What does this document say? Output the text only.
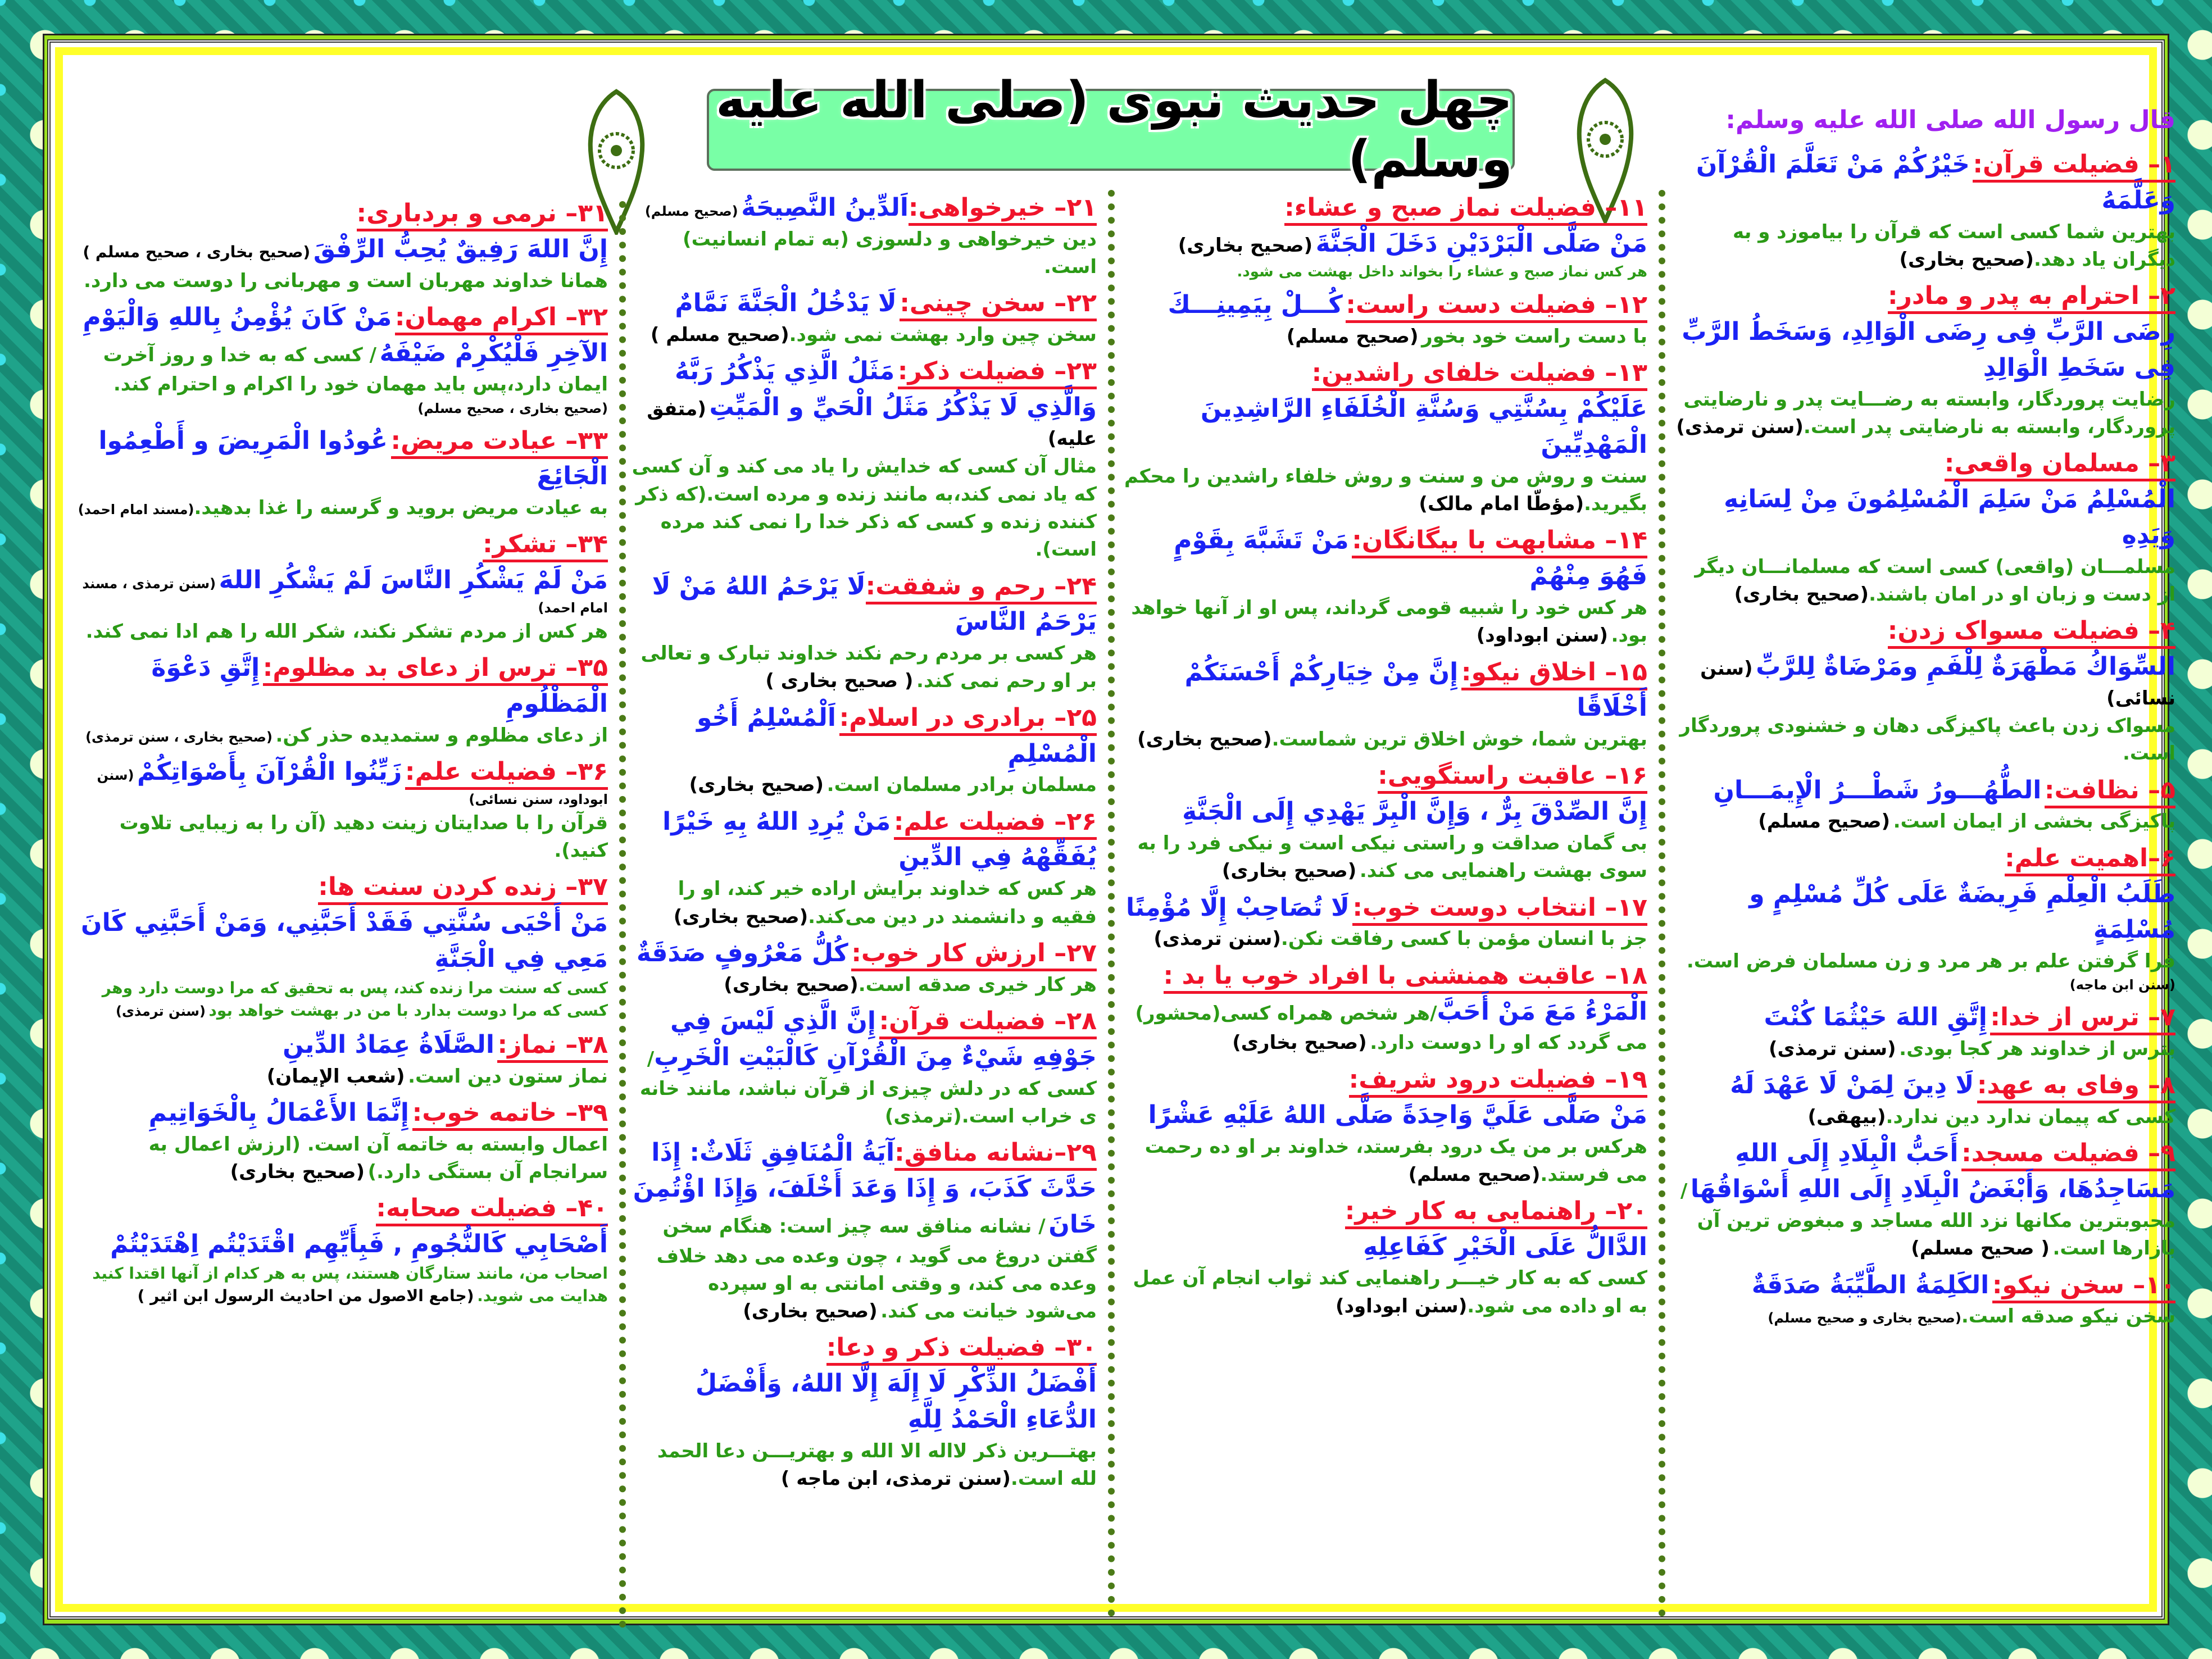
چهل حدیث نبوی (صلی الله علیه وسلم)
قال رسول الله صلی الله علیه وسلم:

۱– فضیلت قرآن: خَیْرُکُمْ مَنْ تَعَلَّمَ الْقُرْآنَ وَعَلَّمَهُ

بهترین شما کسی است که قرآن را بیاموزد و به دیگران یاد دهد.(صحیح بخاری)

۲– احترام به پدر و مادر:

رِضَی الرَّبِّ فِی رِضَی الْوَالِدِ، وَسَخَطُ الرَّبِّ فِی سَخَطِ الْوَالِدِ

رضایت پروردگار، وابسته به رضـــایت پدر و نارضایتی پروردگار، وابسته به نارضایتی پدر است.(سنن ترمذی)

۳– مسلمان واقعی:

الْمُسْلِمُ مَنْ سَلِمَ الْمُسْلِمُونَ مِنْ لِسَانِهِ وَيَدِهِ

مسلمـــان (واقعی) کسی است که مسلمانـــان دیگر از دست و زبان او در امان باشند.(صحیح بخاری)

۴– فضیلت مسواک زدن:

السِّوَاكُ مَطْهَرَةٌ لِلْفَمِ ومَرْضَاةٌ لِلرَّبِّ (سنن نسائی)

مسواک زدن باعث پاکیزگی دهان و خشنودی پروردگار است.

۵– نظافت: الطُّهُـــورُ شَطْـــرُ الْإِيمَـــانِ

پاکیزگی بخشی از ایمان است. (صحیح مسلم)

۶–اهمیت علم:

طَلَبُ الْعِلْمِ فَرِيضَةٌ عَلَى كُلِّ مُسْلِمٍ و مُسْلِمَةٍ

فرا گرفتن علم بر هر مرد و زن مسلمان فرض است.(سنن ابن ماجه)

۷– ترس از خدا: إِتَّقِ اللهَ حَيْثُمَا كُنْتَ

بترس از خداوند هر کجا بودی. (سنن ترمذی)

۸– وفای به عهد: لَا دِينَ لِمَنْ لَا عَهْدَ لَهُ

کسی که پیمان ندارد دین ندارد.(بیهقی)

۹– فضیلت مسجد: أَحَبُّ الْبِلَادِ إِلَى اللهِ مَسَاجِدُهَا، وَأَبْغَضُ الْبِلَادِ إِلَى اللهِ أَسْوَاقُهَا / محبوبترین مکانها نزد الله مساجد و مبغوض ترین آن بازارها است. ( صحیح مسلم)

۱۰– سخن نیکو: الكَلِمَةُ الطَّيِّبَةُ صَدَقَةٌ

سخن نیکو صدقه است.(صحیح بخاری و صحیح مسلم)

۱۱– فضیلت نماز صبح و عشاء:

مَنْ صَلَّى الْبَرْدَيْنِ دَخَلَ الْجَنَّةَ (صحیح بخاری)

هر کس نماز صبح و عشاء را بخواند داخل بهشت می شود.

۱۲– فضیلت دست راست: كُـــلْ بِيَمِينِـــكَ

با دست راست خود بخور (صحیح مسلم)

۱۳– فضیلت خلفای راشدین:

عَلَيْكُمْ بِسُنَّتِي وَسُنَّةِ الْخُلَفَاءِ الرَّاشِدِينَ الْمَهْدِيِّينَ

سنت و روش من و سنت و روش خلفاء راشدین را محکم بگیرید.(مؤطّا امام مالک)

۱۴– مشابهت با بیگانگان: مَنْ تَشَبَّهَ بِقَوْمٍ فَهُوَ مِنْهُمْ

هر کس خود را شبیه قومی گرداند، پس او از آنها خواهد بود. (سنن ابوداود)

۱۵– اخلاق نیکو: إِنَّ مِنْ خِيَارِكُمْ أَحْسَنَكُمْ أَخْلَاقًا

بهترین شما، خوش اخلاق ترین شماست.(صحیح بخاری)

۱۶– عاقبت راستگویی:

إِنَّ الصِّدْقَ بِرٌّ ، وَإِنَّ الْبِرَّ يَهْدِي إِلَى الْجَنَّةِ

بی گمان صداقت و راستی نیکی است و نیکی فرد را به سوی بهشت راهنمایی می کند. (صحیح بخاری)

۱۷– انتخاب دوست خوب: لَا تُصَاحِبْ إِلَّا مُؤْمِنًا

جز با انسان مؤمن با کسی رفاقت نکن.(سنن ترمذی)

۱۸– عاقبت همنشنی با افراد خوب یا بد :

الْمَرْءُ مَعَ مَنْ أَحَبَّ/هر شخص همراه کسی(محشور) می گردد که او را دوست دارد. (صحیح بخاری)

۱۹– فضیلت درود شریف:

مَنْ صَلَّى عَلَيَّ وَاحِدَةً صَلَّى اللهُ عَلَيْهِ عَشْرًا

هرکس بر من یک درود بفرستد، خداوند بر او ده رحمت می فرستد.(صحیح مسلم)

۲۰– راهنمایی به کار خیر:

الدَّالُّ عَلَى الْخَيْرِ كَفَاعِلِهِ

کسی که به کار خیـــر راهنمایی کند ثواب انجام آن عمل به او داده می شود.(سنن ابوداود)

۲۱– خیرخواهی:اَلدِّينُ النَّصِيحَةُ (صحیح مسلم)

دین خیرخواهی و دلسوزی (به تمام انسانیت) است.

۲۲– سخن چینی: لَا يَدْخُلُ الْجَنَّةَ نَمَّامٌ

سخن چین وارد بهشت نمی شود.(صحیح مسلم )

۲۳– فضیلت ذکر: مَثَلُ الَّذِي يَذْكُرُ رَبَّهُ وَالَّذِي لَا يَذْكُرُ مَثَلُ الْحَيِّ و الْمَيِّتِ (متفق علیه)

مثال آن کسی که خدایش را یاد می کند و آن کسی که یاد نمی کند،به مانند زنده و مرده است.(که ذکر کننده زنده و کسی که ذکر خدا را نمی کند مرده است).

۲۴– رحم و شفقت:لَا يَرْحَمُ اللهُ مَنْ لَا يَرْحَمُ النَّاسَ

هر کسی بر مردم رحم نکند خداوند تبارک و تعالی بر او رحم نمی کند. ( صحیح بخاری )

۲۵– برادری در اسلام: اَلْمُسْلِمُ أَخُو الْمُسْلِمِ

مسلمان برادر مسلمان است. (صحیح بخاری)

۲۶– فضیلت علم: مَنْ يُرِدِ اللهُ بِهِ خَيْرًا يُفَقِّهْهُ فِي الدِّينِ

هر کس که خداوند برایش اراده خیر کند، او را فقیه و دانشمند در دین می‌کند.(صحیح بخاری)

۲۷– ارزش کار خوب: كُلُّ مَعْرُوفٍ صَدَقَةٌ

هر کار خیری صدقه است.(صحیح بخاری)

۲۸– فضیلت قرآن: إِنَّ الَّذِي لَيْسَ فِي جَوْفِهِ شَيْءٌ مِنَ الْقُرْآنِ كَالْبَيْتِ الْخَرِبِ/ کسی که در دلش چیزی از قرآن نباشد، مانند خانه ی خراب است.(ترمذی)

۲۹–نشانه منافق:آيَةُ الْمُنَافِقِ ثَلَاثٌ: إِذَا حَدَّثَ كَذَبَ، وَ إِذَا وَعَدَ أَخْلَفَ، وَإِذَا اؤْتُمِنَ خَانَ / نشانه منافق سه چیز است: هنگام سخن گفتن دروغ می گوید ، چون وعده می دهد خلاف وعده می کند، و وقتی امانتی به او سپرده می‌شود خیانت می کند. (صحیح بخاری)

۳۰– فضیلت ذکر و دعا:

أَفْضَلُ الذِّكْرِ لَا إِلَهَ إِلَّا اللهُ، وَأَفْضَلُ الدُّعَاءِ الْحَمْدُ لِلَّهِ

بهتـــرین ذکر لااله الا الله و بهتریـــن دعا الحمد لله است.(سنن ترمذی، ابن ماجه )

۳۱– نرمی و بردباری:

إِنَّ اللهَ رَفِيقٌ يُحِبُّ الرِّفْقَ (صحیح بخاری ، صحیح مسلم )

همانا خداوند مهربان است و مهربانی را دوست می دارد.

۳۲– اکرام مهمان: مَنْ كَانَ يُؤْمِنُ بِاللهِ وَالْيَوْمِ الآخِرِ فَلْيُكْرِمْ ضَيْفَهُ / کسی که به خدا و روز آخرت ایمان دارد،پس باید مهمان خود را اکرام و احترام کند. (صحیح بخاری ، صحیح مسلم)

۳۳– عیادت مریض: عُودُوا الْمَرِيضَ و أَطْعِمُوا الْجَائِعَ

به عیادت مریض بروید و گرسنه را غذا بدهید.(مسند امام احمد)

۳۴– تشکر:

مَنْ لَمْ يَشْكُرِ النَّاسَ لَمْ يَشْكُرِ اللهَ (سنن ترمذی ، مسند امام احمد)

هر کس از مردم تشکر نکند، شکر الله را هم ادا نمی کند.

۳۵– ترس از دعای بد مظلوم: إِتَّقِ دَعْوَةَ الْمَظْلُومِ

از دعای مظلوم و ستمدیده حذر کن. (صحیح بخاری ، سنن ترمذی)

۳۶– فضیلت علم: زَيِّنُوا الْقُرْآنَ بِأَصْوَاتِكُمْ (سنن ابوداود، سنن نسائی)

قرآن را با صدایتان زینت دهید (آن را به زیبایی تلاوت کنید).

۳۷– زنده کردن سنت ها:

مَنْ أَحْيَى سُنَّتِي فَقَدْ أَحَبَّنِي، وَمَنْ أَحَبَّنِي كَانَ مَعِي فِي الْجَنَّةِ

کسی که سنت مرا زنده کند، پس به تحقیق که مرا دوست دارد وهر کسی که مرا دوست بدارد با من در بهشت خواهد بود (سنن ترمذی)

۳۸– نماز: الصَّلَاةُ عِمَادُ الدِّينِ

نماز ستون دین است. (شعب الإيمان)

۳۹– خاتمه خوب: إِنَّمَا الأَعْمَالُ بِالْخَوَاتِيمِ

اعمال وابسته به خاتمه آن است. (ارزش اعمال به سرانجام آن بستگی دارد.) (صحیح بخاری)

۴۰– فضیلت صحابه:

أَصْحَابِي كَالنُّجُومِ , فَبِأَيِّهِم اقْتَدَيْتُم اِهْتَدَيْتُمْ

اصحاب من، مانند ستارگان هستند، پس به هر کدام از آنها اقتدا کنید هدایت می شوید. (جامع الاصول من احادیث الرسول ابن اثیر )
